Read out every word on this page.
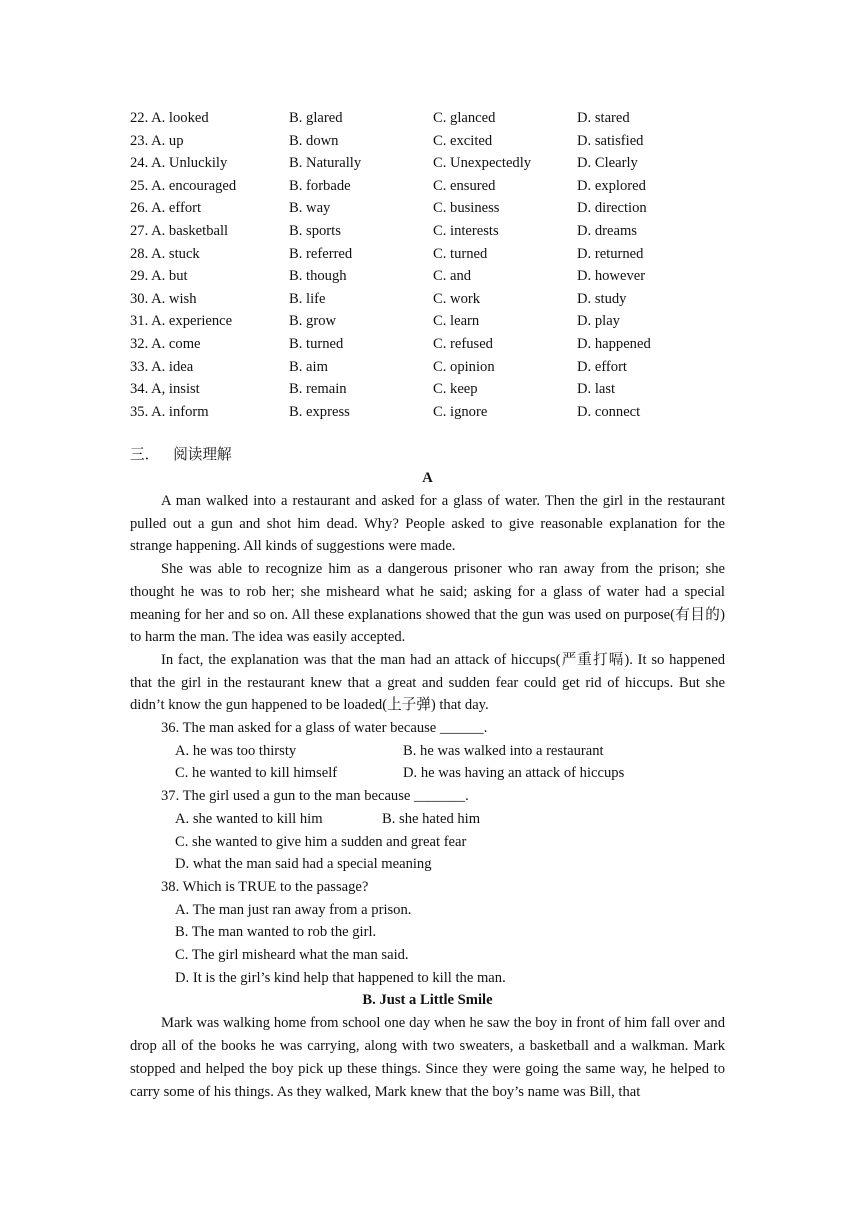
22. A. looked	B. glared	C. glanced	D. stared
23. A. up	B. down	C. excited	D. satisfied
24. A. Unluckily	B. Naturally	C. Unexpectedly	D. Clearly
25. A. encouraged	B. forbade	C. ensured	D. explored
26. A. effort	B. way	C. business	D. direction
27. A. basketball	B. sports	C. interests	D. dreams
28. A. stuck	B. referred	C. turned	D. returned
29. A. but	B. though	C. and	D. however
30. A. wish	B. life	C. work	D. study
31. A. experience	B. grow	C. learn	D. play
32. A. come	B. turned	C. refused	D. happened
33. A. idea	B. aim	C. opinion	D. effort
34. A, insist	B. remain	C. keep	D. last
35. A. inform	B. express	C. ignore	D. connect
三． 阅读理解
A

A man walked into a restaurant and asked for a glass of water. Then the girl in the restaurant pulled out a gun and shot him dead. Why? People asked to give reasonable explanation for the strange happening. All kinds of suggestions were made.

She was able to recognize him as a dangerous prisoner who ran away from the prison; she thought he was to rob her; she misheard what he said; asking for a glass of water had a special meaning for her and so on. All these explanations showed that the gun was used on purpose(有目的) to harm the man. The idea was easily accepted.

In fact, the explanation was that the man had an attack of hiccups(严重打嗝). It so happened that the girl in the restaurant knew that a great and sudden fear could get rid of hiccups. But she didn’t know the gun happened to be loaded(上子弹) that day.

36. The man asked for a glass of water because ______.

A. he was too thirsty	B. he was walked into a restaurant
C. he wanted to kill himself	D. he was having an attack of hiccups

37. The girl used a gun to the man because _______.

A. she wanted to kill him	B. she hated him

C. she wanted to give him a sudden and great fear

D. what the man said had a special meaning

38. Which is TRUE to the passage?

A. The man just ran away from a prison.

B. The man wanted to rob the girl.

C. The girl misheard what the man said.

D. It is the girl’s kind help that happened to kill the man.

B. Just a Little Smile

Mark was walking home from school one day when he saw the boy in front of him fall over and drop all of the books he was carrying, along with two sweaters, a basketball and a walkman. Mark stopped and helped the boy pick up these things. Since they were going the same way, he helped to carry some of his things. As they walked, Mark knew that the boy’s name was Bill, that
